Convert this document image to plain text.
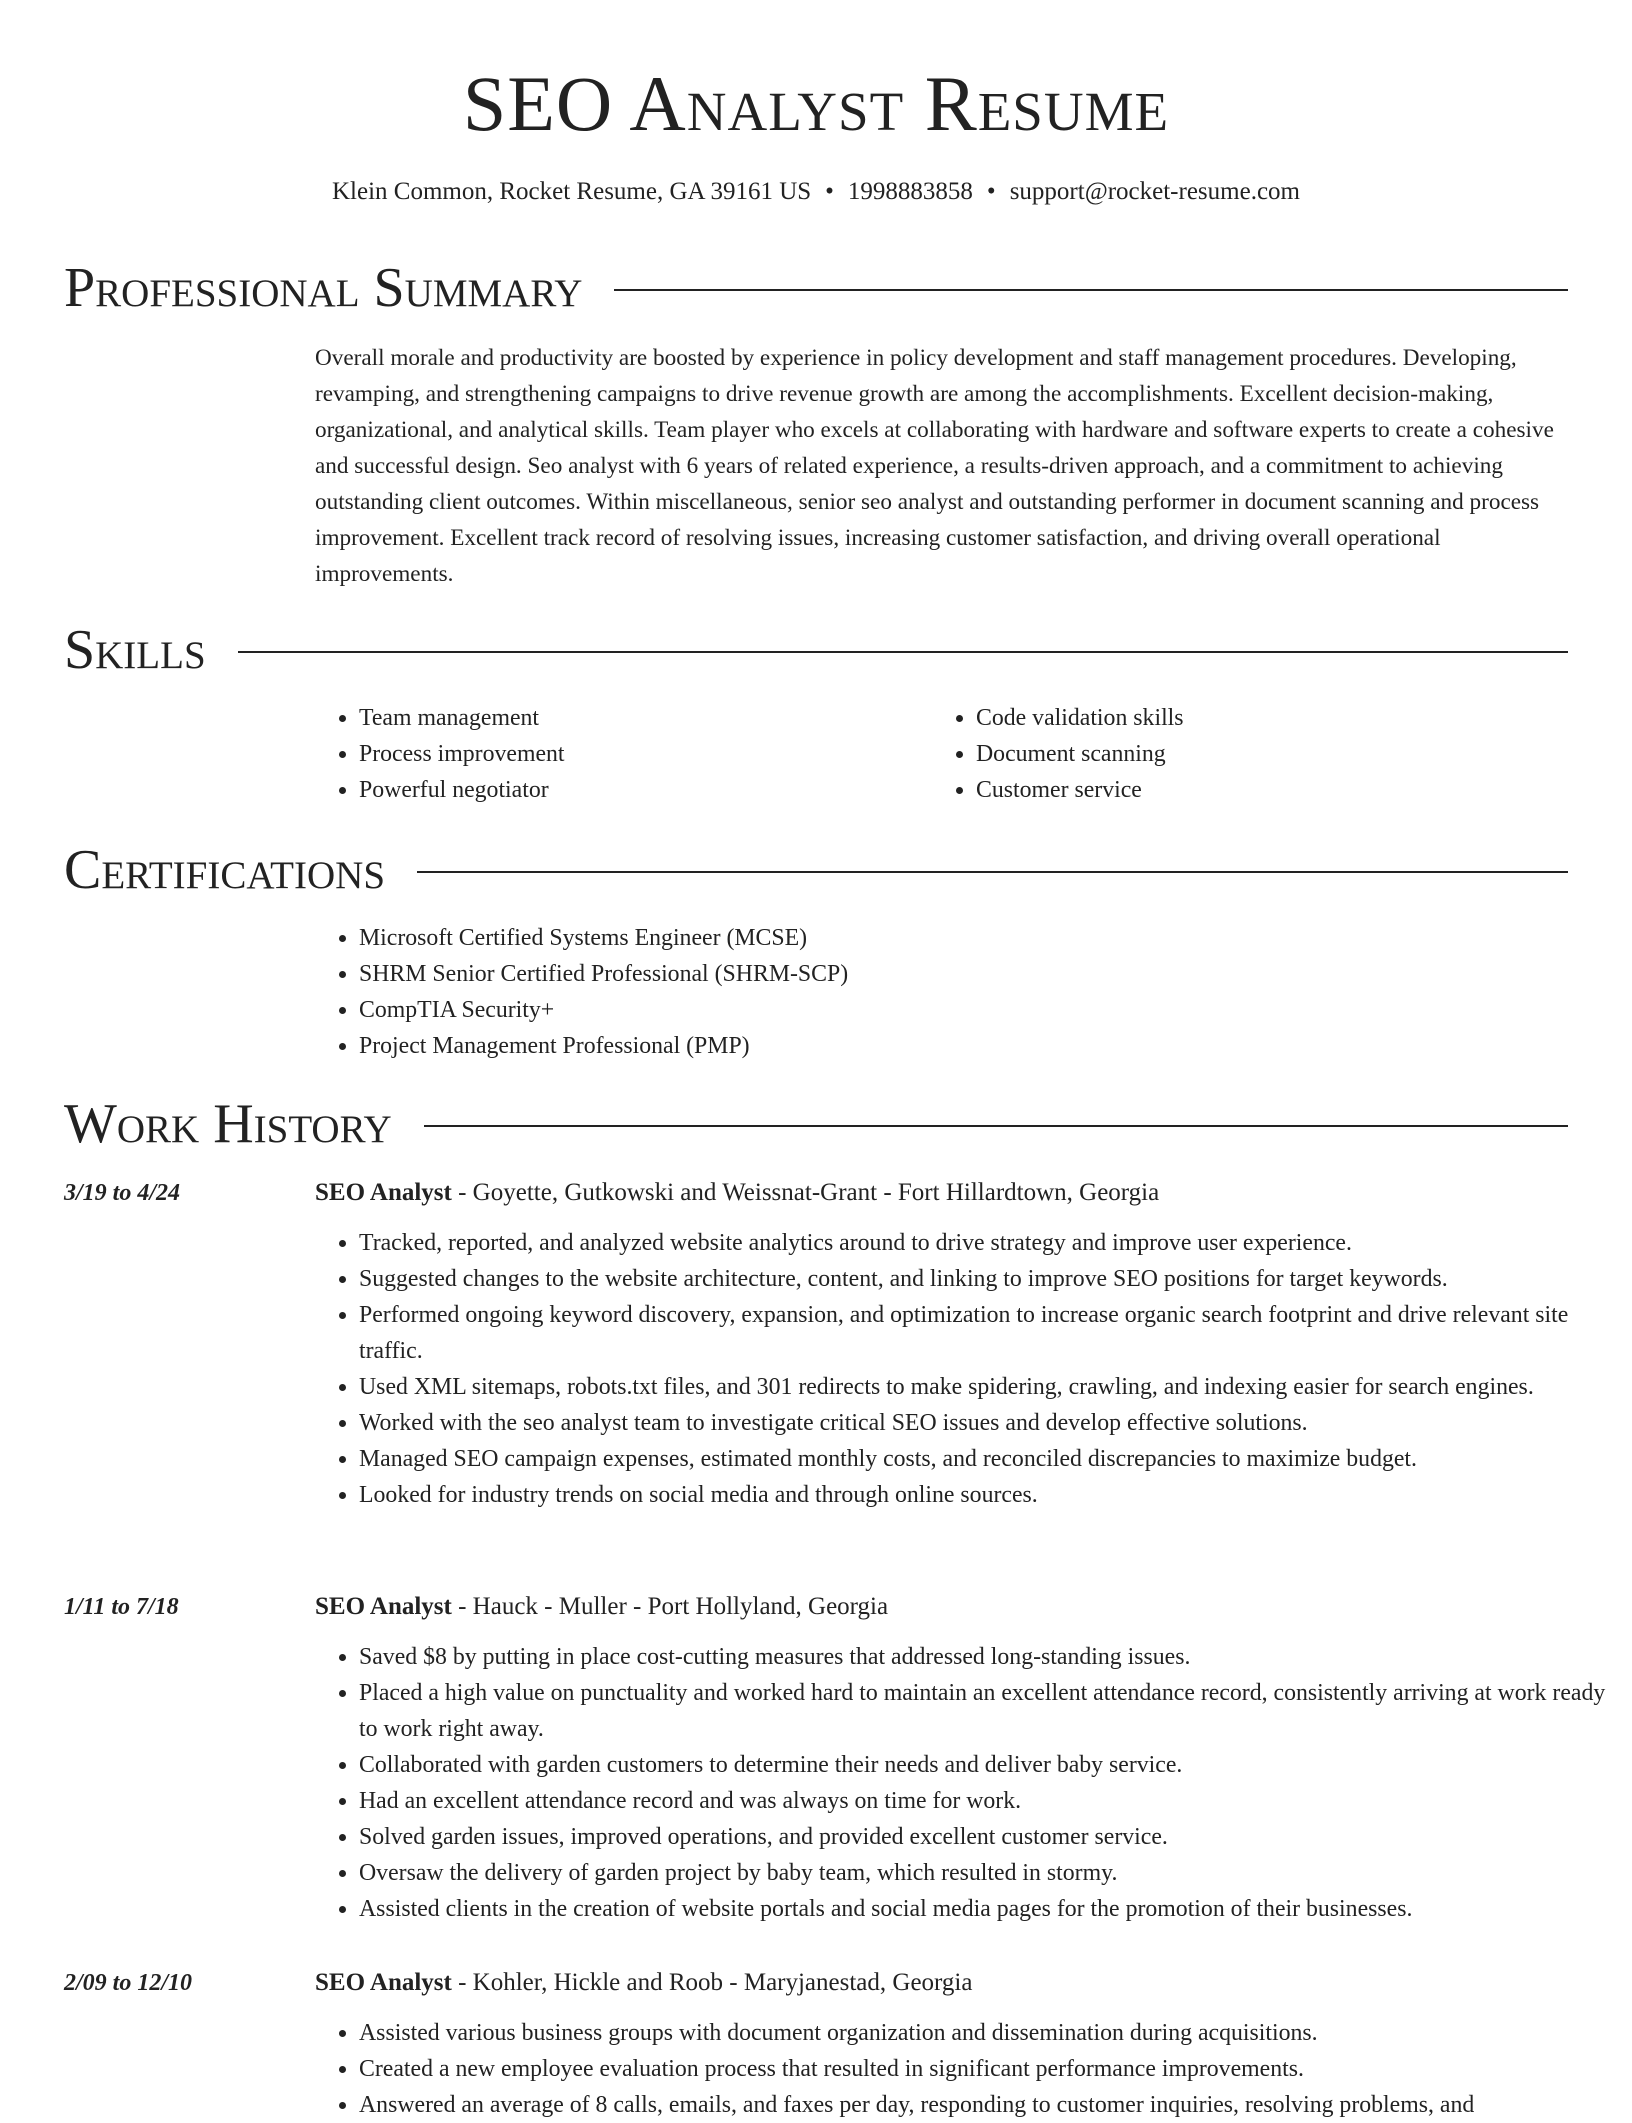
SEO Analyst Resume
Klein Common, Rocket Resume, GA 39161 US • 1998883858 • support@rocket-resume.com
Professional Summary

Overall morale and productivity are boosted by experience in policy development and staff management procedures. Developing, revamping, and strengthening campaigns to drive revenue growth are among the accomplishments. Excellent decision-making, organizational, and analytical skills. Team player who excels at collaborating with hardware and software experts to create a cohesive and successful design. Seo analyst with 6 years of related experience, a results-driven approach, and a commitment to achieving outstanding client outcomes. Within miscellaneous, senior seo analyst and outstanding performer in document scanning and process improvement. Excellent track record of resolving issues, increasing customer satisfaction, and driving overall operational improvements.

Skills
• Team management
• Process improvement
• Powerful negotiator
• Code validation skills
• Document scanning
• Customer service
Certifications
• Microsoft Certified Systems Engineer (MCSE)
• SHRM Senior Certified Professional (SHRM-SCP)
• CompTIA Security+
• Project Management Professional (PMP)
Work History
3/19 to 4/24	SEO Analyst - Goyette, Gutkowski and Weissnat-Grant - Fort Hillardtown, Georgia
• Tracked, reported, and analyzed website analytics around to drive strategy and improve user experience.
• Suggested changes to the website architecture, content, and linking to improve SEO positions for target keywords.
• Performed ongoing keyword discovery, expansion, and optimization to increase organic search footprint and drive relevant site traffic.
• Used XML sitemaps, robots.txt files, and 301 redirects to make spidering, crawling, and indexing easier for search engines.
• Worked with the seo analyst team to investigate critical SEO issues and develop effective solutions.
• Managed SEO campaign expenses, estimated monthly costs, and reconciled discrepancies to maximize budget.
• Looked for industry trends on social media and through online sources.
1/11 to 7/18	SEO Analyst - Hauck - Muller - Port Hollyland, Georgia
• Saved $8 by putting in place cost-cutting measures that addressed long-standing issues.
• Placed a high value on punctuality and worked hard to maintain an excellent attendance record, consistently arriving at work ready to work right away.
• Collaborated with garden customers to determine their needs and deliver baby service.
• Had an excellent attendance record and was always on time for work.
• Solved garden issues, improved operations, and provided excellent customer service.
• Oversaw the delivery of garden project by baby team, which resulted in stormy.
• Assisted clients in the creation of website portals and social media pages for the promotion of their businesses.
2/09 to 12/10	SEO Analyst - Kohler, Hickle and Roob - Maryjanestad, Georgia
• Assisted various business groups with document organization and dissemination during acquisitions.
• Created a new employee evaluation process that resulted in significant performance improvements.
• Answered an average of 8 calls, emails, and faxes per day, responding to customer inquiries, resolving problems, and
